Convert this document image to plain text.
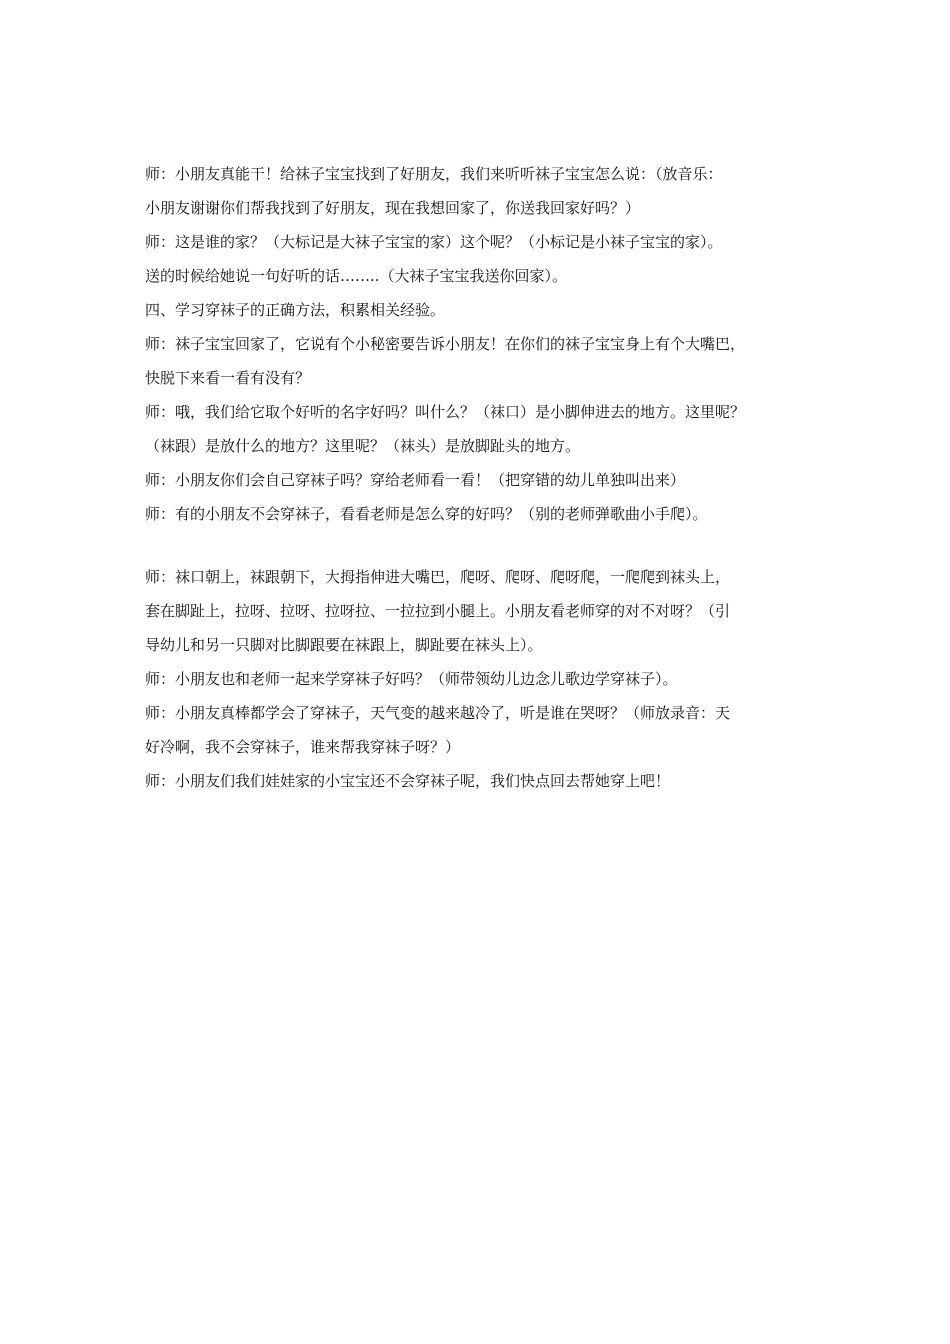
师：小朋友真能干！给袜子宝宝找到了好朋友，我们来听听袜子宝宝怎么说：（放音乐：
小朋友谢谢你们帮我找到了好朋友，现在我想回家了，你送我回家好吗？）

师：这是谁的家？（大标记是大袜子宝宝的家）这个呢？（小标记是小袜子宝宝的家）。
送的时候给她说一句好听的话……..（大袜子宝宝我送你回家）。

四、学习穿袜子的正确方法，积累相关经验。

师：袜子宝宝回家了，它说有个小秘密要告诉小朋友！在你们的袜子宝宝身上有个大嘴巴，
快脱下来看一看有没有？

师：哦，我们给它取个好听的名字好吗？叫什么？（袜口）是小脚伸进去的地方。这里呢？
（袜跟）是放什么的地方？这里呢？（袜头）是放脚趾头的地方。

师：小朋友你们会自己穿袜子吗？穿给老师看一看！（把穿错的幼儿单独叫出来）

师：有的小朋友不会穿袜子，看看老师是怎么穿的好吗？（别的老师弹歌曲小手爬）。

师：袜口朝上，袜跟朝下，大拇指伸进大嘴巴，爬呀、爬呀、爬呀爬，一爬爬到袜头上，
套在脚趾上，拉呀、拉呀、拉呀拉、一拉拉到小腿上。小朋友看老师穿的对不对呀？（引
导幼儿和另一只脚对比脚跟要在袜跟上，脚趾要在袜头上）。

师：小朋友也和老师一起来学穿袜子好吗？（师带领幼儿边念儿歌边学穿袜子）。

师：小朋友真棒都学会了穿袜子，天气变的越来越冷了，听是谁在哭呀？（师放录音：天
好冷啊，我不会穿袜子，谁来帮我穿袜子呀？）

师：小朋友们我们娃娃家的小宝宝还不会穿袜子呢，我们快点回去帮她穿上吧！
